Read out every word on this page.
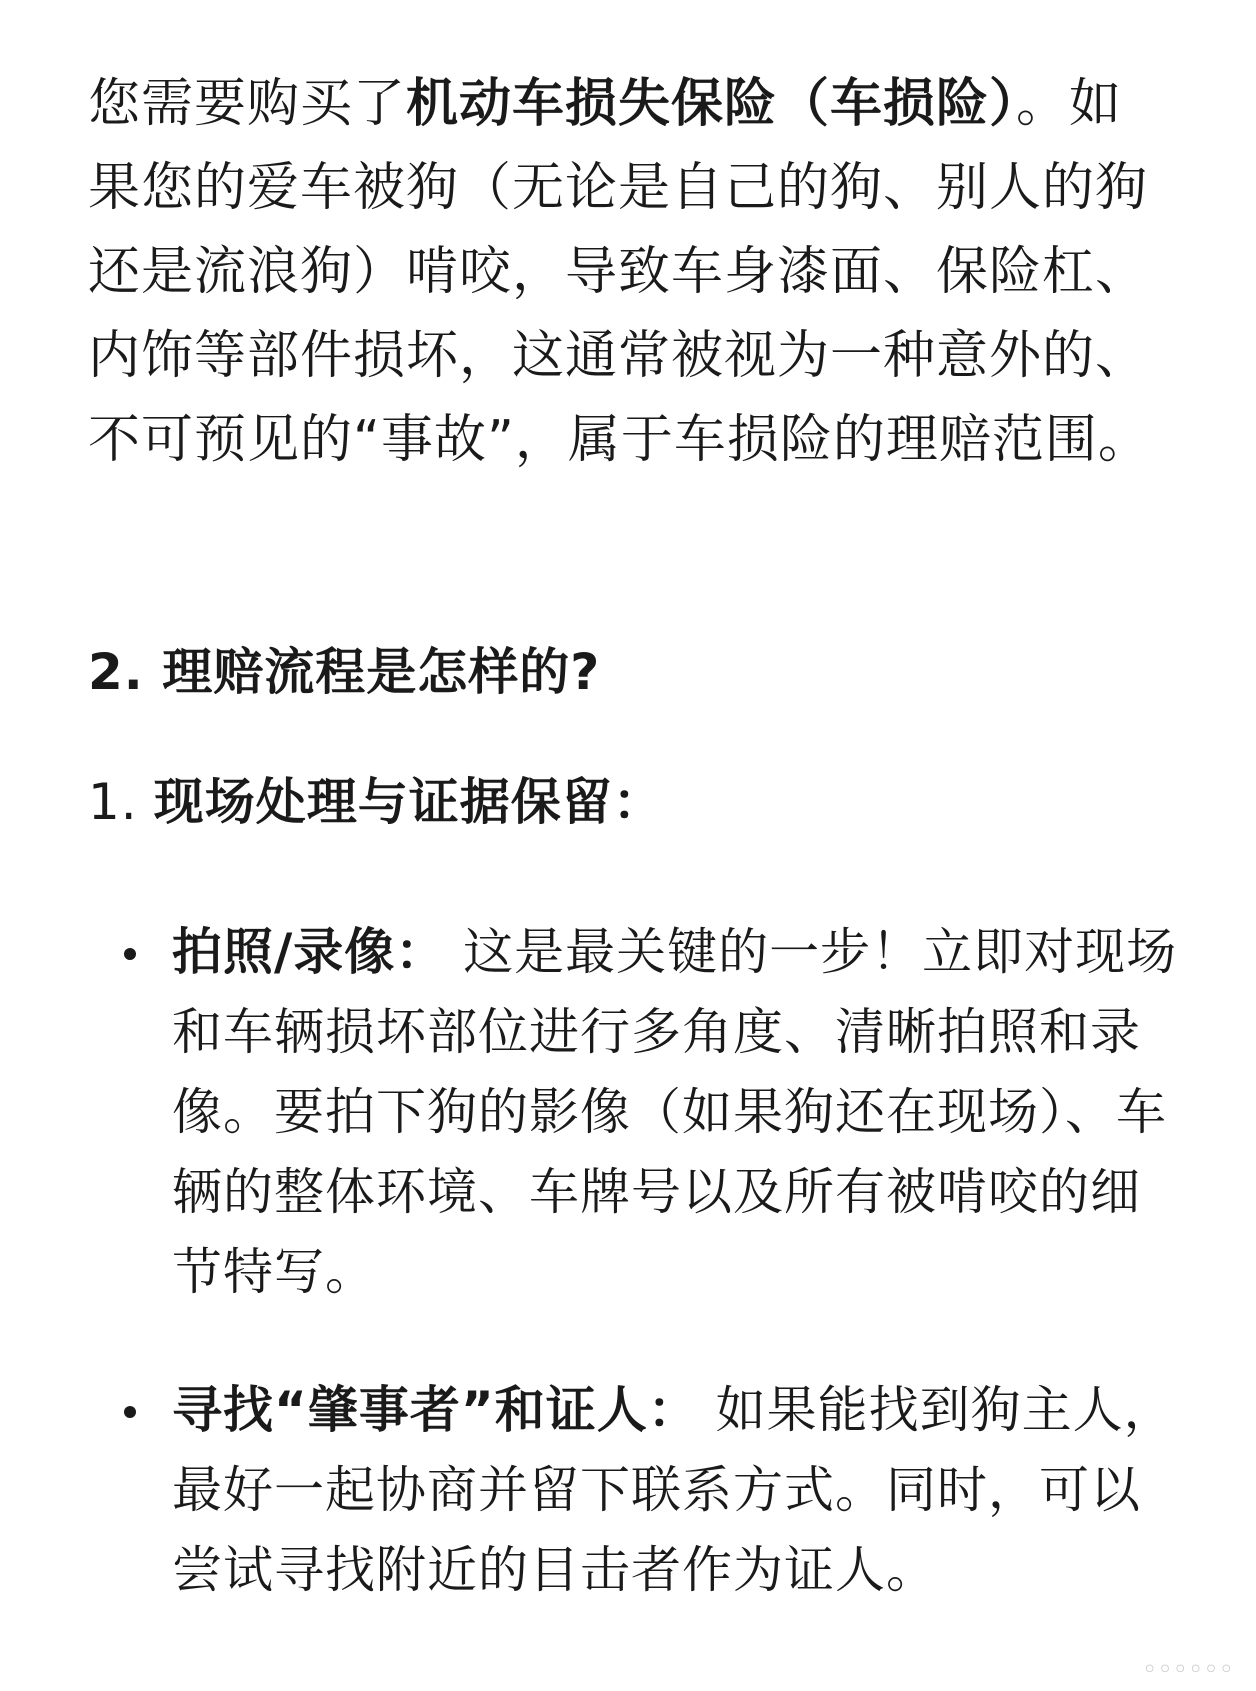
您需要购买了机动车损失保险（车损险）。如果您的爱车被狗（无论是自己的狗、别人的狗还是流浪狗）啃咬，导致车身漆面、保险杠、内饰等部件损坏，这通常被视为一种意外的、不可预见的“事故”，属于车损险的理赔范围。

2. 理赔流程是怎样的?
1. 现场处理与证据保留：
拍照/录像： 这是最关键的一步！立即对现场和车辆损坏部位进行多角度、清晰拍照和录像。要拍下狗的影像（如果狗还在现场）、车辆的整体环境、车牌号以及所有被啃咬的细节特写。
寻找“肇事者”和证人： 如果能找到狗主人，最好一起协商并留下联系方式。同时，可以尝试寻找附近的目击者作为证人。
◦◦◦◦◦◦
